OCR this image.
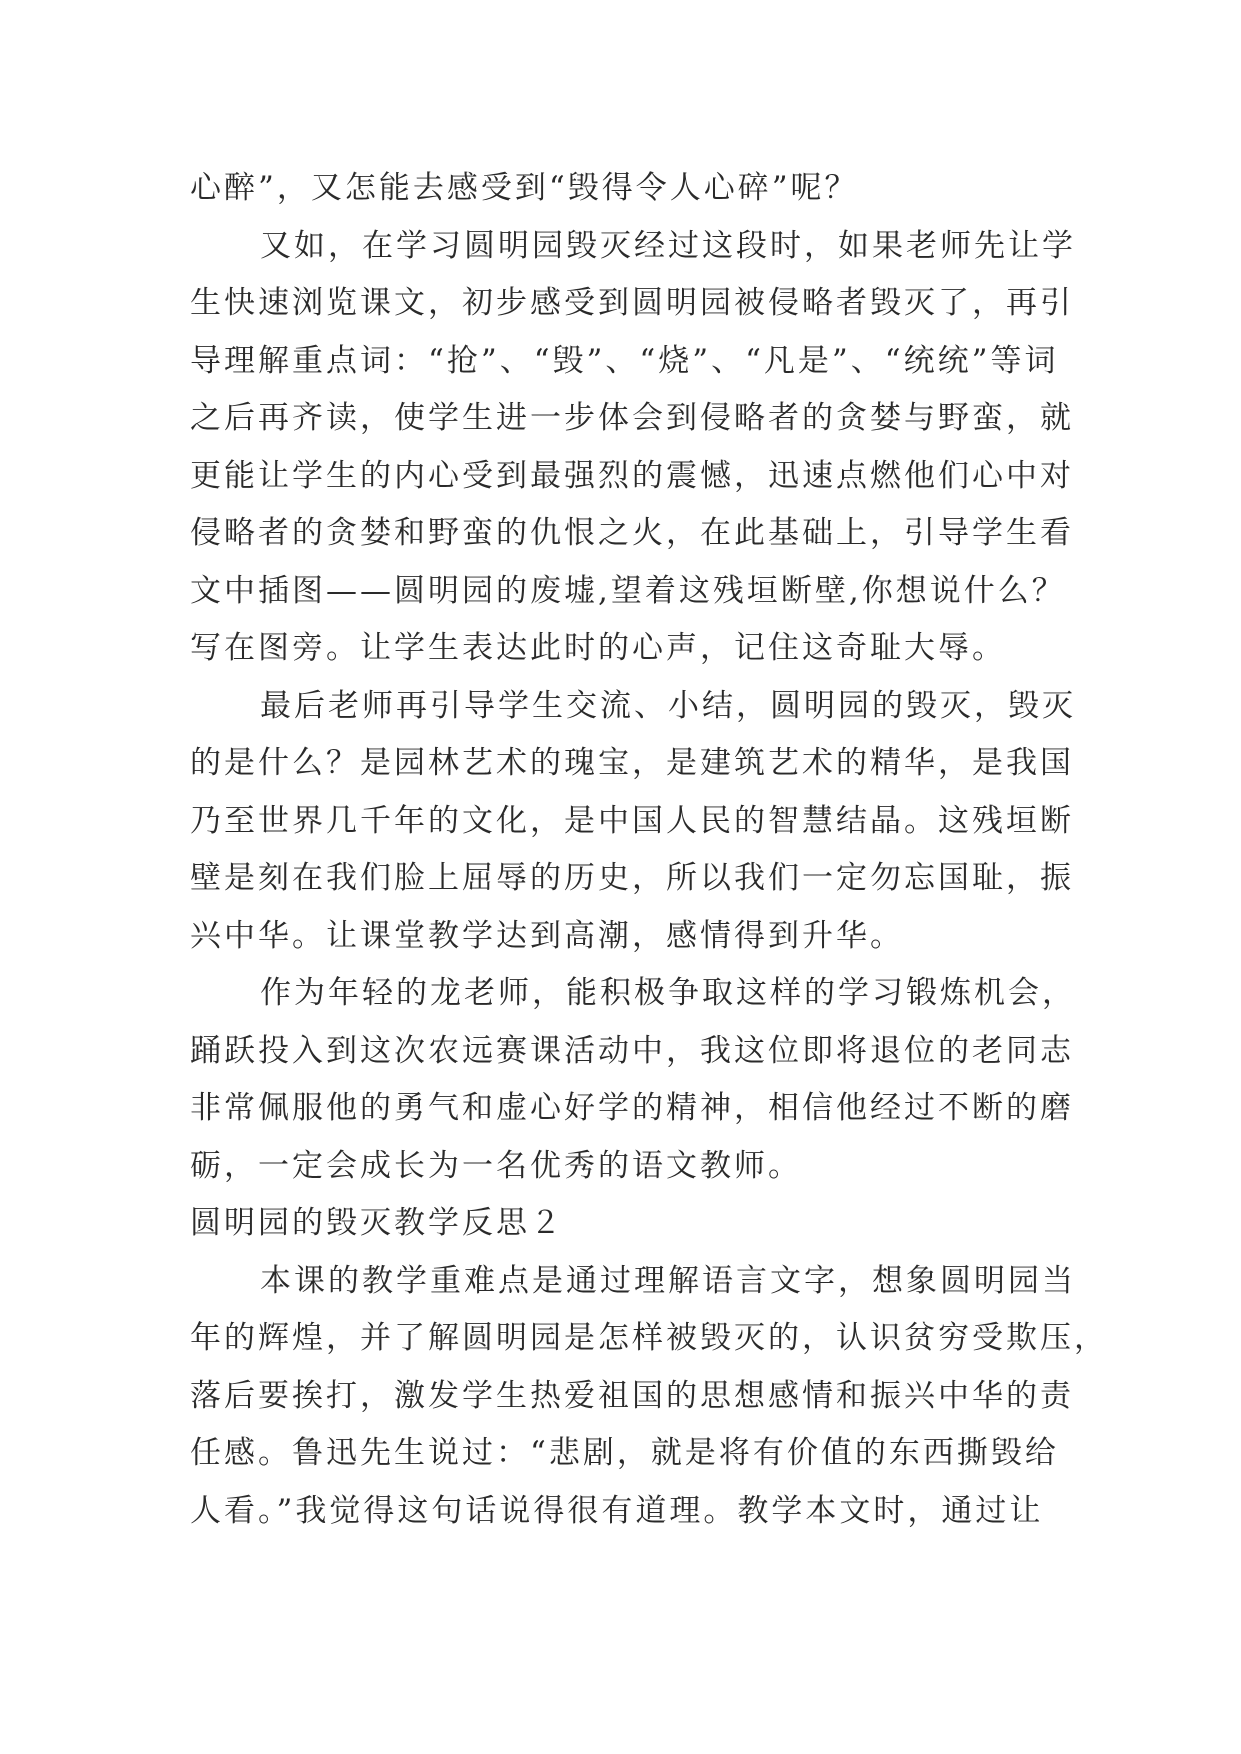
心醉”，又怎能去感受到“毁得令人心碎”呢？
又如，在学习圆明园毁灭经过这段时，如果老师先让学
生快速浏览课文，初步感受到圆明园被侵略者毁灭了，再引
导理解重点词：“抢”、“毁”、“烧”、“凡是”、“统统”等词
之后再齐读，使学生进一步体会到侵略者的贪婪与野蛮，就
更能让学生的内心受到最强烈的震憾，迅速点燃他们心中对
侵略者的贪婪和野蛮的仇恨之火，在此基础上，引导学生看
文中插图——圆明园的废墟,望着这残垣断壁,你想说什么？
写在图旁。让学生表达此时的心声，记住这奇耻大辱。
最后老师再引导学生交流、小结，圆明园的毁灭，毁灭
的是什么？是园林艺术的瑰宝，是建筑艺术的精华，是我国
乃至世界几千年的文化，是中国人民的智慧结晶。这残垣断
壁是刻在我们脸上屈辱的历史，所以我们一定勿忘国耻，振
兴中华。让课堂教学达到高潮，感情得到升华。
作为年轻的龙老师，能积极争取这样的学习锻炼机会，
踊跃投入到这次农远赛课活动中，我这位即将退位的老同志
非常佩服他的勇气和虚心好学的精神，相信他经过不断的磨
砺，一定会成长为一名优秀的语文教师。
圆明园的毁灭教学反思２
本课的教学重难点是通过理解语言文字，想象圆明园当
年的辉煌，并了解圆明园是怎样被毁灭的，认识贫穷受欺压，
落后要挨打，激发学生热爱祖国的思想感情和振兴中华的责
任感。鲁迅先生说过：“悲剧，就是将有价值的东西撕毁给
人看。”我觉得这句话说得很有道理。教学本文时，通过让
